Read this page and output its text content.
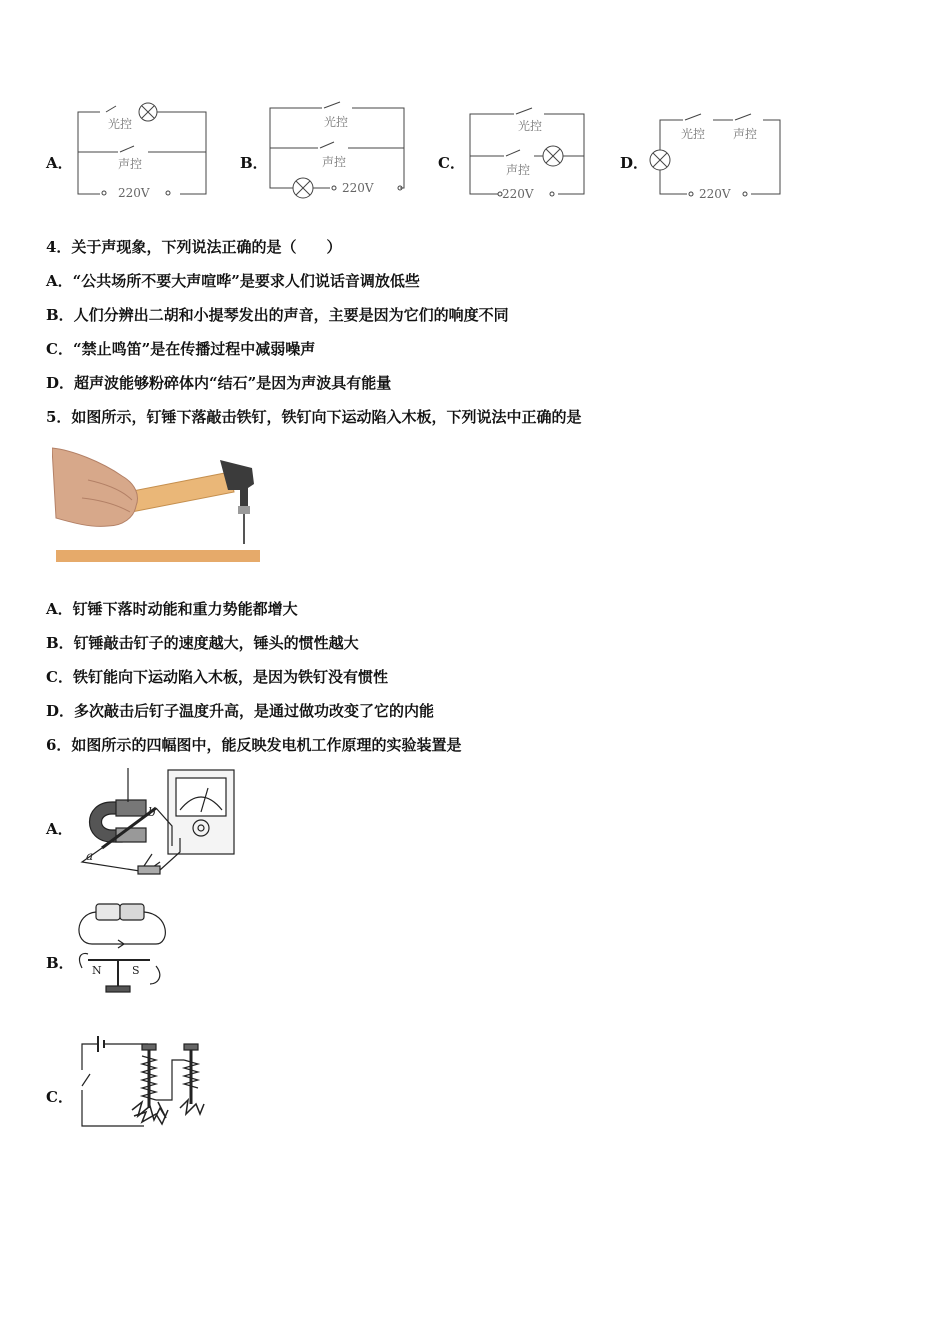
A．
光控
声控
220V
B．
光控
声控
220V
C．
光控
声控
220V
D．
光控 声控
220V
4．关于声现象，下列说法正确的是（　　）
A．“公共场所不要大声喧哗”是要求人们说话音调放低些
B．人们分辨出二胡和小提琴发出的声音，主要是因为它们的响度不同
C．“禁止鸣笛”是在传播过程中减弱噪声
D．超声波能够粉碎体内“结石”是因为声波具有能量
5．如图所示，钉锤下落敲击铁钉，铁钉向下运动陷入木板，下列说法中正确的是
A．钉锤下落时动能和重力势能都增大
B．钉锤敲击钉子的速度越大，锤头的惯性越大
C．铁钉能向下运动陷入木板，是因为铁钉没有惯性
D．多次敲击后钉子温度升高，是通过做功改变了它的内能
6．如图所示的四幅图中，能反映发电机工作原理的实验装置是
A．
a
b
B． N	S
C．
